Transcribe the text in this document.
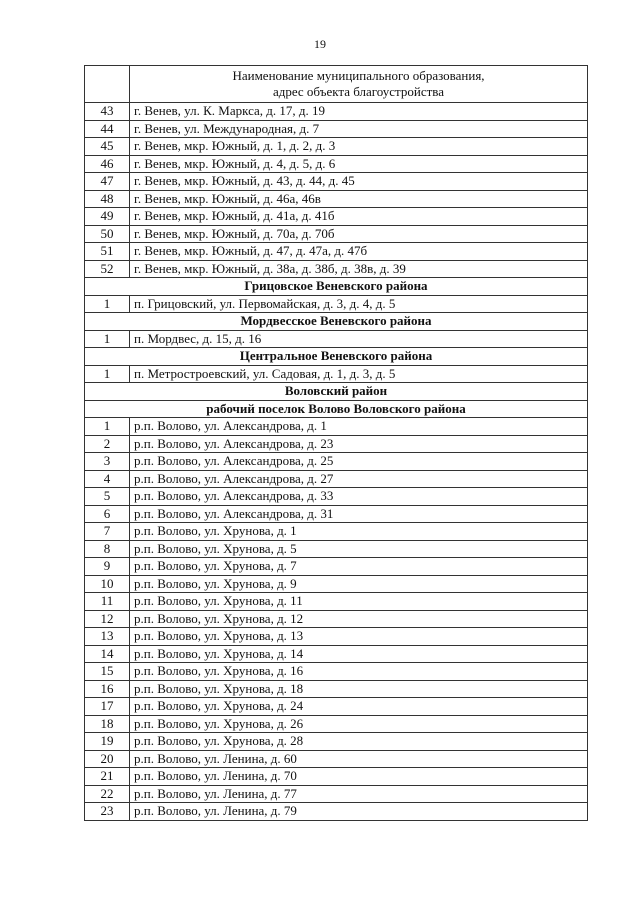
19
	Наименование муниципального образования,
адрес объекта благоустройства
43	г. Венев, ул. К. Маркса, д. 17, д. 19
44	г. Венев, ул. Международная, д. 7
45	г. Венев, мкр. Южный, д. 1, д. 2, д. 3
46	г. Венев, мкр. Южный, д. 4, д. 5, д. 6
47	г. Венев, мкр. Южный, д. 43, д. 44, д. 45
48	г. Венев, мкр. Южный, д. 46а, 46в
49	г. Венев, мкр. Южный, д. 41а, д. 41б
50	г. Венев, мкр. Южный, д. 70а, д. 70б
51	г. Венев, мкр. Южный, д. 47, д. 47а, д. 47б
52	г. Венев, мкр. Южный, д. 38а, д. 38б, д. 38в, д. 39
Грицовское Веневского района	
1	п. Грицовский, ул. Первомайская, д. 3, д. 4, д. 5
Мордвесское Веневского района	
1	п. Мордвес, д. 15, д. 16
Центральное Веневского района	
1	п. Метростроевский, ул. Садовая, д. 1, д. 3, д. 5
Воловский район	
рабочий поселок Волово Воловского района	
1	р.п. Волово, ул. Александрова, д. 1
2	р.п. Волово, ул. Александрова, д. 23
3	р.п. Волово, ул. Александрова, д. 25
4	р.п. Волово, ул. Александрова, д. 27
5	р.п. Волово, ул. Александрова, д. 33
6	р.п. Волово, ул. Александрова, д. 31
7	р.п. Волово, ул. Хрунова, д. 1
8	р.п. Волово, ул. Хрунова, д. 5
9	р.п. Волово, ул. Хрунова, д. 7
10	р.п. Волово, ул. Хрунова, д. 9
11	р.п. Волово, ул. Хрунова, д. 11
12	р.п. Волово, ул. Хрунова, д. 12
13	р.п. Волово, ул. Хрунова, д. 13
14	р.п. Волово, ул. Хрунова, д. 14
15	р.п. Волово, ул. Хрунова, д. 16
16	р.п. Волово, ул. Хрунова, д. 18
17	р.п. Волово, ул. Хрунова, д. 24
18	р.п. Волово, ул. Хрунова, д. 26
19	р.п. Волово, ул. Хрунова, д. 28
20	р.п. Волово, ул. Ленина, д. 60
21	р.п. Волово, ул. Ленина, д. 70
22	р.п. Волово, ул. Ленина, д. 77
23	р.п. Волово, ул. Ленина, д. 79
